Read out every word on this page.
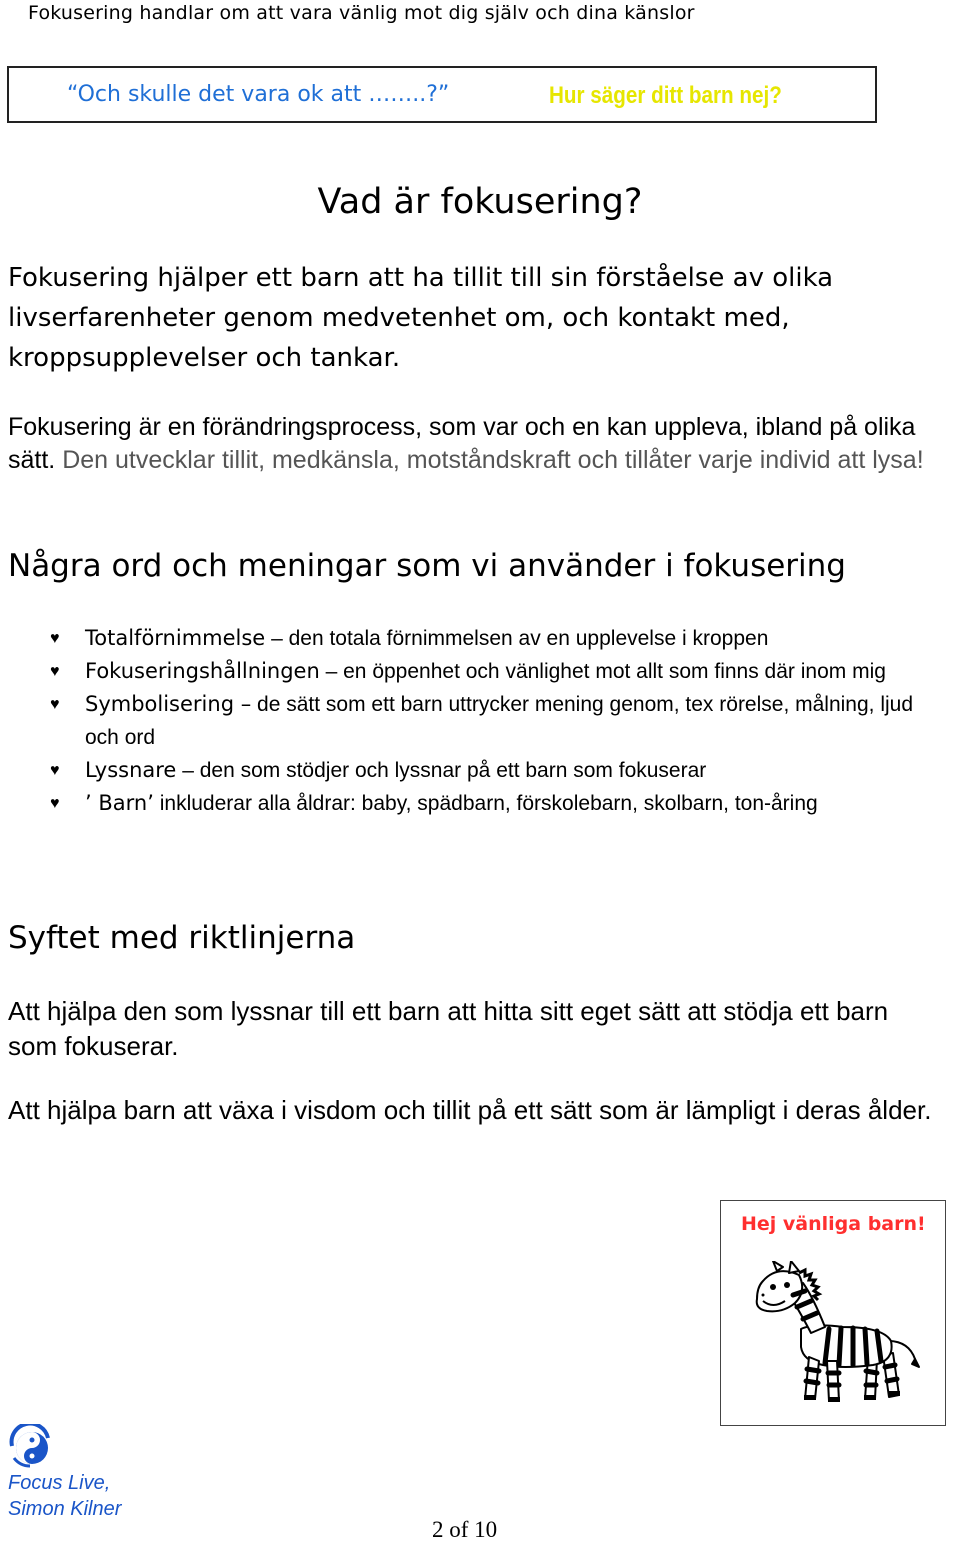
Fokusering handlar om att vara vänlig mot dig själv och dina känslor
“Och skulle det vara ok att ……..?”	Hur säger ditt barn nej?
Vad är fokusering?
Fokusering hjälper ett barn att ha tillit till sin förståelse av olika livserfarenheter genom medvetenhet om, och kontakt med, kroppsupplevelser och tankar.
Fokusering är en förändringsprocess, som var och en kan uppleva, ibland på olika sätt. Den utvecklar tillit, medkänsla, motståndskraft och tillåter varje individ att lysa!
Några ord och meningar som vi använder i fokusering
♥ Totalförnimmelse – den totala förnimmelsen av en upplevelse i kroppen
♥ Fokuseringshållningen – en öppenhet och vänlighet mot allt som finns där inom mig
♥ Symbolisering – de sätt som ett barn uttrycker mening genom, tex rörelse, målning, ljud och ord
♥ Lyssnare – den som stödjer och lyssnar på ett barn som fokuserar
♥ ’ Barn’ inkluderar alla åldrar: baby, spädbarn, förskolebarn, skolbarn, ton-åring
Syftet med riktlinjerna
Att hjälpa den som lyssnar till ett barn att hitta sitt eget sätt att stödja ett barn som fokuserar.
Att hjälpa barn att växa i visdom och tillit på ett sätt som är lämpligt i deras ålder.
Hej vänliga barn!
Focus Live,
Simon Kilner
2 of 10
